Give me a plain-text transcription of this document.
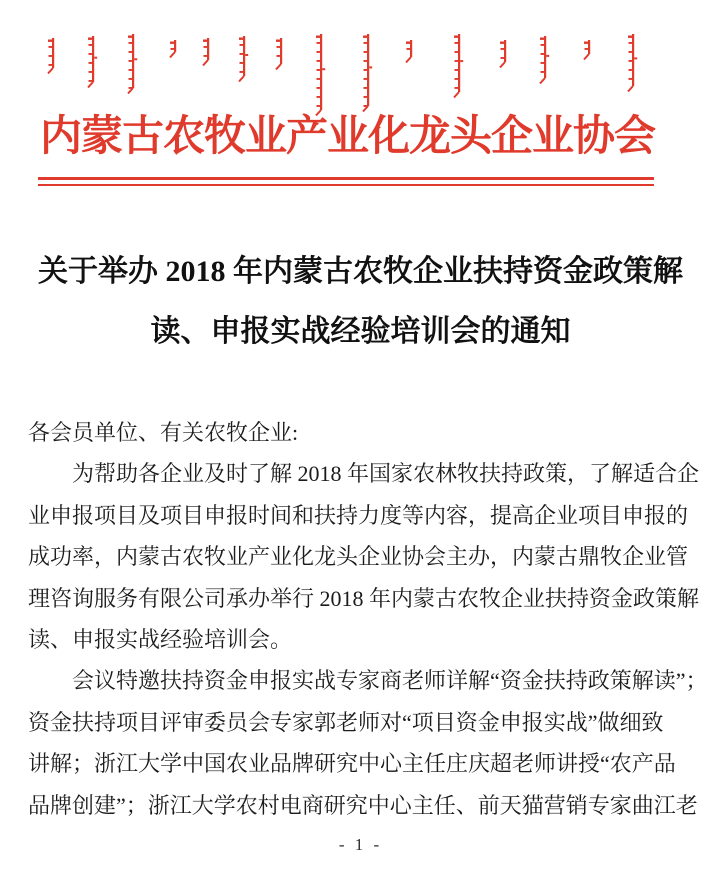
内蒙古农牧业产业化龙头企业协会
关于举办 2018 年内蒙古农牧企业扶持资金政策解
读、申报实战经验培训会的通知
各会员单位、有关农牧企业:
为帮助各企业及时了解 2018 年国家农林牧扶持政策，了解适合企
业申报项目及项目申报时间和扶持力度等内容，提高企业项目申报的
成功率，内蒙古农牧业产业化龙头企业协会主办，内蒙古鼎牧企业管
理咨询服务有限公司承办举行 2018 年内蒙古农牧企业扶持资金政策解
读、申报实战经验培训会。
会议特邀扶持资金申报实战专家商老师详解“资金扶持政策解读”；
资金扶持项目评审委员会专家郭老师对“项目资金申报实战”做细致
讲解；浙江大学中国农业品牌研究中心主任庄庆超老师讲授“农产品
品牌创建”；浙江大学农村电商研究中心主任、前天猫营销专家曲江老
- 1 -
